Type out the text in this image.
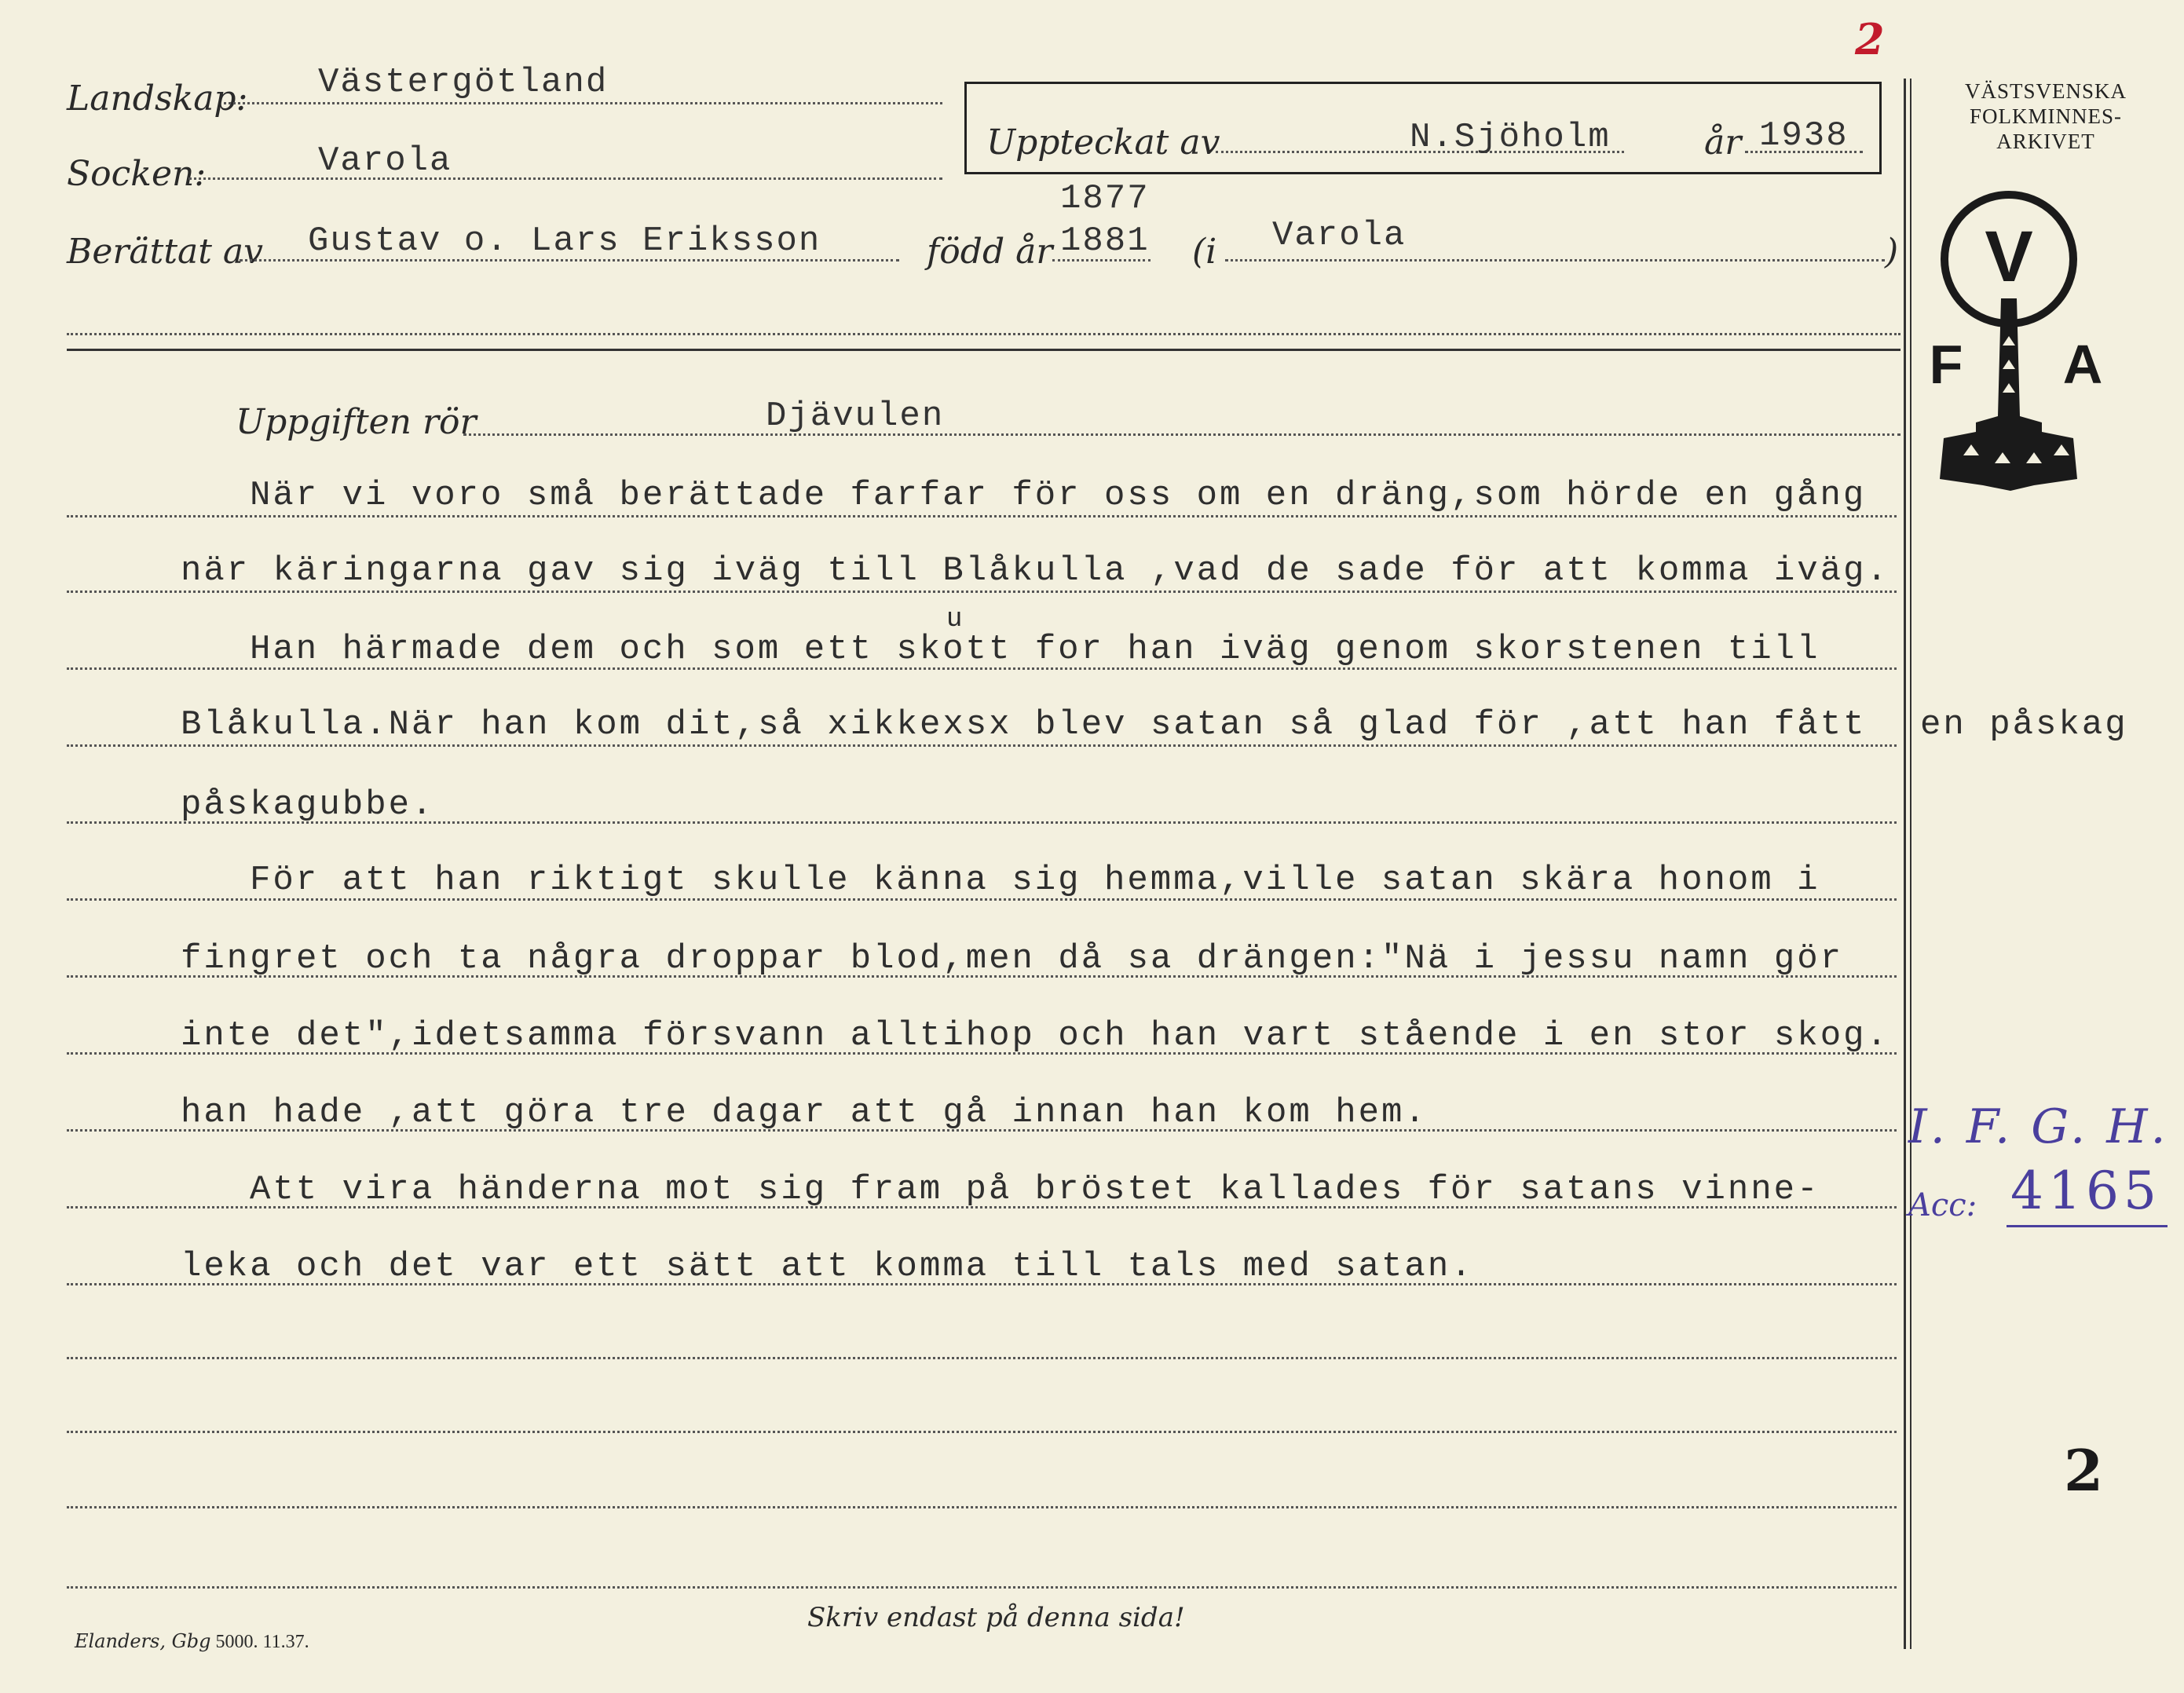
Landskap: Västergötland
Socken:	Varola	Uppteckat av	N.Sjöholm	år 1938
2
Berättat av Gustav o. Lars Eriksson	född år 1881
1877
(i Varola	)
VÄSTSVENSKA
FOLKMINNES-
ARKIVET
V
F A
Uppgiften rör	Djävulen
När vi voro små berättade farfar för oss om en dräng,som hörde en gång
när käringarna gav sig iväg till Blåkulla ,vad de sade för att komma iväg.
Han härmade dem och som ett skott for han iväg genom skorstenen till
u
Blåkulla.När han kom dit,så xikkexsx blev satan så glad för ,att han fått en påskag
påskagubbe.
För att han riktigt skulle känna sig hemma,ville satan skära honom i
fingret och ta några droppar blod,men då sa drängen:"Nä i jessu namn gör
inte det",idetsamma försvann alltihop och han vart stående i en stor skog.
han hade ,att göra tre dagar att gå innan han kom hem.
Att vira händerna mot sig fram på bröstet kallades för satans vinne-
leka och det var ett sätt att komma till tals med satan.
I. F. G. H.
Acc: 4165
2
Elanders, Gbg 5000. 11.37.
Skriv endast på denna sida!
